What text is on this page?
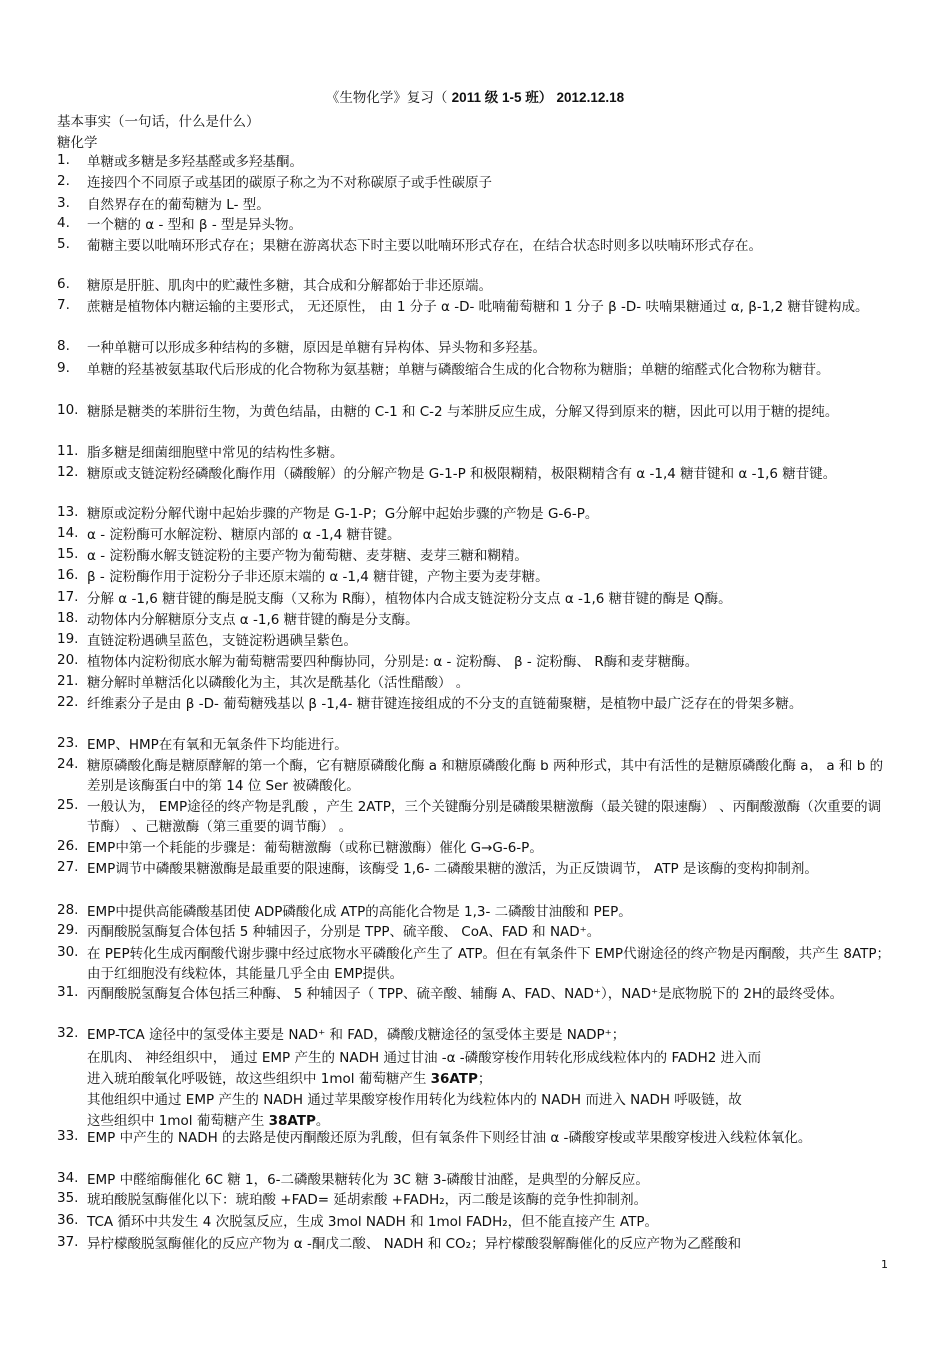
《生物化学》复习（ 2011 级 1-5 班） 2012.12.18
基本事实（一句话，什么是什么）
糖化学
1.	单糖或多糖是多羟基醛或多羟基酮。
2.	连接四个不同原子或基团的碳原子称之为不对称碳原子或手性碳原子
3.	自然界存在的葡萄糖为 L- 型。
4.	一个糖的 α - 型和 β - 型是异头物。
5.	葡糖主要以吡喃环形式存在；果糖在游离状态下时主要以吡喃环形式存在，在结合状态时则多以呋喃环形式存在。
6.	糖原是肝脏、肌肉中的贮藏性多糖，其合成和分解都始于非还原端。
7.	蔗糖是植物体内糖运输的主要形式， 无还原性， 由 1 分子 α -D- 吡喃葡萄糖和 1 分子 β -D- 呋喃果糖通过 α, β-1,2 糖苷键构成。
8.	一种单糖可以形成多种结构的多糖，原因是单糖有异构体、异头物和多羟基。
9.	单糖的羟基被氨基取代后形成的化合物称为氨基糖；单糖与磷酸缩合生成的化合物称为糖脂；单糖的缩醛式化合物称为糖苷。
10. 糖脎是糖类的苯肼衍生物，为黄色结晶，由糖的 C-1 和 C-2 与苯肼反应生成，分解又得到原来的糖，因此可以用于糖的提纯。
11. 脂多糖是细菌细胞壁中常见的结构性多糖。
12. 糖原或支链淀粉经磷酸化酶作用（磷酸解）的分解产物是 G-1-P 和极限糊精，极限糊精含有 α -1,4 糖苷键和 α -1,6 糖苷键。
13. 糖原或淀粉分解代谢中起始步骤的产物是 G-1-P；G分解中起始步骤的产物是 G-6-P。
14. α - 淀粉酶可水解淀粉、糖原内部的 α -1,4 糖苷键。
15. α - 淀粉酶水解支链淀粉的主要产物为葡萄糖、麦芽糖、麦芽三糖和糊精。
16. β - 淀粉酶作用于淀粉分子非还原末端的 α -1,4 糖苷键，产物主要为麦芽糖。
17. 分解 α -1,6 糖苷键的酶是脱支酶（又称为 R酶），植物体内合成支链淀粉分支点 α -1,6 糖苷键的酶是 Q酶。
18. 动物体内分解糖原分支点 α -1,6 糖苷键的酶是分支酶。
19. 直链淀粉遇碘呈蓝色，支链淀粉遇碘呈紫色。
20. 植物体内淀粉彻底水解为葡萄糖需要四种酶协同，分别是: α - 淀粉酶、 β - 淀粉酶、 R酶和麦芽糖酶。
21. 糖分解时单糖活化以磷酸化为主，其次是酰基化（活性醋酸） 。
22. 纤维素分子是由 β -D- 葡萄糖残基以 β -1,4- 糖苷键连接组成的不分支的直链葡聚糖，是植物中最广泛存在的骨架多糖。
23. EMP、HMP在有氧和无氧条件下均能进行。
24. 糖原磷酸化酶是糖原酵解的第一个酶，它有糖原磷酸化酶 a 和糖原磷酸化酶 b 两种形式，其中有活性的是糖原磷酸化酶 a， a 和 b 的差别是该酶蛋白中的第 14 位 Ser 被磷酸化。
25. 一般认为， EMP途径的终产物是乳酸 ，产生 2ATP，三个关键酶分别是磷酸果糖激酶（最关键的限速酶） 、丙酮酸激酶（次重要的调节酶） 、己糖激酶（第三重要的调节酶） 。
26. EMP中第一个耗能的步骤是：葡萄糖激酶（或称已糖激酶）催化 G→G-6-P。
27. EMP调节中磷酸果糖激酶是最重要的限速酶，该酶受 1,6- 二磷酸果糖的激活，为正反馈调节， ATP 是该酶的变构抑制剂。
28. EMP中提供高能磷酸基团使 ADP磷酸化成 ATP的高能化合物是 1,3- 二磷酸甘油酸和 PEP。
29. 丙酮酸脱氢酶复合体包括 5 种辅因子，分别是 TPP、硫辛酸、 CoA、FAD 和 NAD⁺。
30. 在 PEP转化生成丙酮酸代谢步骤中经过底物水平磷酸化产生了 ATP。但在有氧条件下 EMP代谢途径的终产物是丙酮酸，共产生 8ATP；由于红细胞没有线粒体，其能量几乎全由 EMP提供。
31. 丙酮酸脱氢酶复合体包括三种酶、 5 种辅因子（ TPP、硫辛酸、辅酶 A、FAD、NAD⁺），NAD⁺是底物脱下的 2H的最终受体。
32. EMP-TCA 途径中的氢受体主要是 NAD⁺ 和 FAD，磷酸戊糖途径的氢受体主要是 NADP⁺；
33. EMP 中产生的 NADH 的去路是使丙酮酸还原为乳酸，但有氧条件下则经甘油 α -磷酸穿梭或苹果酸穿梭进入线粒体氧化。
34. EMP 中醛缩酶催化 6C 糖 1，6-二磷酸果糖转化为 3C 糖 3-磷酸甘油醛，是典型的分解反应。
35. 琥珀酸脱氢酶催化以下：琥珀酸 +FAD= 延胡索酸 +FADH₂，丙二酸是该酶的竞争性抑制剂。
36. TCA 循环中共发生 4 次脱氢反应，生成 3mol NADH 和 1mol FADH₂，但不能直接产生 ATP。
37. 异柠檬酸脱氢酶催化的反应产物为 α -酮戊二酸、 NADH 和 CO₂；异柠檬酸裂解酶催化的反应产物为乙醛酸和
在肌肉、 神经组织中， 通过 EMP 产生的 NADH 通过甘油 -α -磷酸穿梭作用转化形成线粒体内的 FADH2 进入而
进入琥珀酸氧化呼吸链，故这些组织中 1mol 葡萄糖产生 36ATP；
其他组织中通过 EMP 产生的 NADH 通过苹果酸穿梭作用转化为线粒体内的 NADH 而进入 NADH 呼吸链，故
这些组织中 1mol 葡萄糖产生 38ATP。
1
